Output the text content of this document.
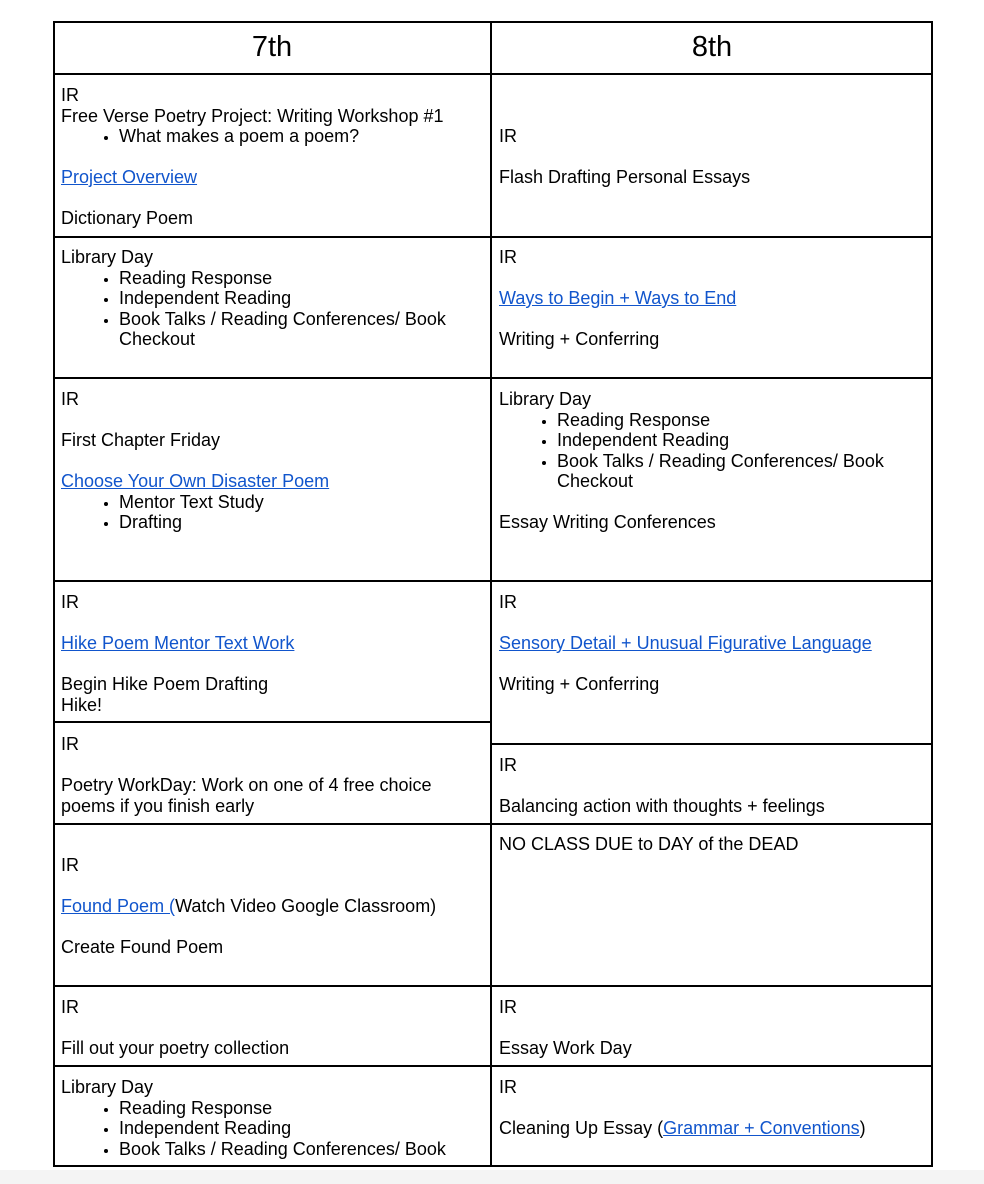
7th	8th

IR

Free Verse Poetry Project: Writing Workshop #1

• What makes a poem a poem?

Project Overview

Dictionary Poem

IR

Flash Drafting Personal Essays

Library Day

• Reading Response
• Independent Reading
• Book Talks / Reading Conferences/ Book Checkout

IR

Ways to Begin + Ways to End

Writing + Conferring

IR

First Chapter Friday

Choose Your Own Disaster Poem

• Mentor Text Study
• Drafting

Library Day

• Reading Response
• Independent Reading
• Book Talks / Reading Conferences/ Book Checkout

Essay Writing Conferences

IR

Hike Poem Mentor Text Work

Begin Hike Poem Drafting

Hike!

IR

Sensory Detail + Unusual Figurative Language

Writing + Conferring

IR

Poetry WorkDay: Work on one of 4 free choice poems if you finish early

IR

Balancing action with thoughts + feelings

IR

Found Poem (Watch Video Google Classroom)

Create Found Poem

NO CLASS DUE to DAY of the DEAD

IR

Fill out your poetry collection

IR

Essay Work Day

Library Day

• Reading Response
• Independent Reading
• Book Talks / Reading Conferences/ Book

IR

Cleaning Up Essay (Grammar + Conventions)
